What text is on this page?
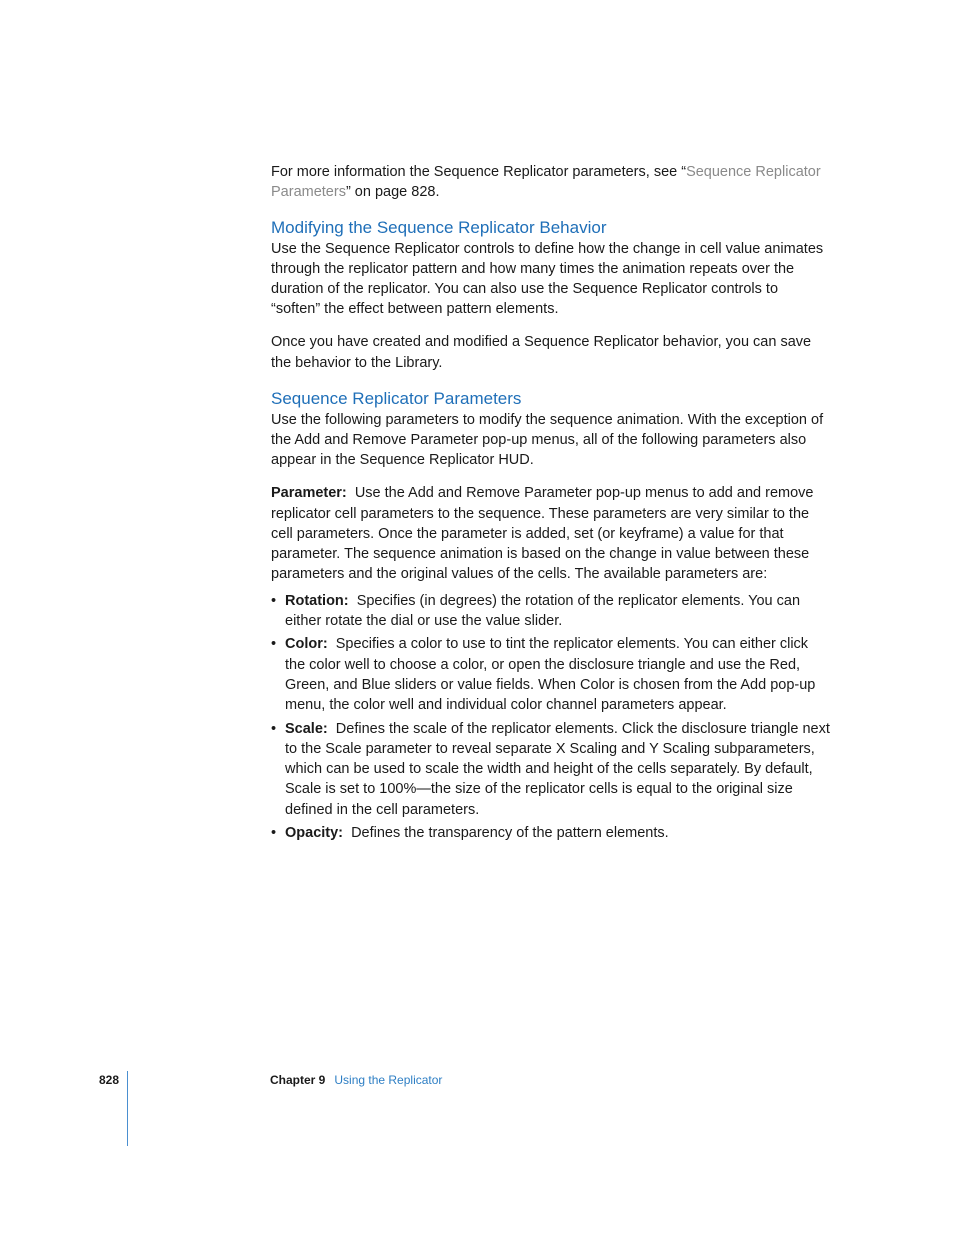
For more information the Sequence Replicator parameters, see “Sequence Replicator Parameters” on page 828.

Modifying the Sequence Replicator Behavior

Use the Sequence Replicator controls to define how the change in cell value animates through the replicator pattern and how many times the animation repeats over the duration of the replicator. You can also use the Sequence Replicator controls to “soften” the effect between pattern elements.

Once you have created and modified a Sequence Replicator behavior, you can save the behavior to the Library.

Sequence Replicator Parameters

Use the following parameters to modify the sequence animation. With the exception of the Add and Remove Parameter pop-up menus, all of the following parameters also appear in the Sequence Replicator HUD.

Parameter: Use the Add and Remove Parameter pop-up menus to add and remove replicator cell parameters to the sequence. These parameters are very similar to the cell parameters. Once the parameter is added, set (or keyframe) a value for that parameter. The sequence animation is based on the change in value between these parameters and the original values of the cells. The available parameters are:

• Rotation: Specifies (in degrees) the rotation of the replicator elements. You can either rotate the dial or use the value slider.
• Color: Specifies a color to use to tint the replicator elements. You can either click the color well to choose a color, or open the disclosure triangle and use the Red, Green, and Blue sliders or value fields. When Color is chosen from the Add pop-up menu, the color well and individual color channel parameters appear.
• Scale: Defines the scale of the replicator elements. Click the disclosure triangle next to the Scale parameter to reveal separate X Scaling and Y Scaling subparameters, which can be used to scale the width and height of the cells separately. By default, Scale is set to 100%—the size of the replicator cells is equal to the original size defined in the cell parameters.
• Opacity: Defines the transparency of the pattern elements.
828	Chapter 9 Using the Replicator
